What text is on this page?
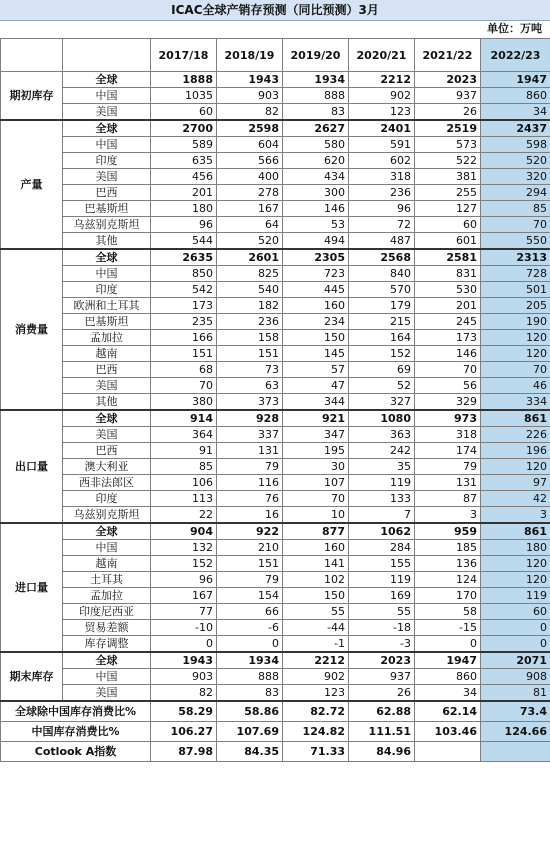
ICAC全球产销存预测（同比预测）3月
单位：万吨
		2017/18	2018/19	2019/20	2020/21	2021/22	2022/23
期初库存	全球	1888	1943	1934	2212	2023	1947
	中国	1035	903	888	902	937	860
	美国	60	82	83	123	26	34
产量	全球	2700	2598	2627	2401	2519	2437
	中国	589	604	580	591	573	598
	印度	635	566	620	602	522	520
	美国	456	400	434	318	381	320
	巴西	201	278	300	236	255	294
	巴基斯坦	180	167	146	96	127	85
	乌兹别克斯坦	96	64	53	72	60	70
	其他	544	520	494	487	601	550
消费量	全球	2635	2601	2305	2568	2581	2313
	中国	850	825	723	840	831	728
	印度	542	540	445	570	530	501
	欧洲和土耳其	173	182	160	179	201	205
	巴基斯坦	235	236	234	215	245	190
	孟加拉	166	158	150	164	173	120
	越南	151	151	145	152	146	120
	巴西	68	73	57	69	70	70
	美国	70	63	47	52	56	46
	其他	380	373	344	327	329	334
出口量	全球	914	928	921	1080	973	861
	美国	364	337	347	363	318	226
	巴西	91	131	195	242	174	196
	澳大利亚	85	79	30	35	79	120
	西非法郎区	106	116	107	119	131	97
	印度	113	76	70	133	87	42
	乌兹别克斯坦	22	16	10	7	3	3
进口量	全球	904	922	877	1062	959	861
	中国	132	210	160	284	185	180
	越南	152	151	141	155	136	120
	土耳其	96	79	102	119	124	120
	孟加拉	167	154	150	169	170	119
	印度尼西亚	77	66	55	55	58	60
	贸易差额	-10	-6	-44	-18	-15	0
	库存调整	0	0	-1	-3	0	0
期末库存	全球	1943	1934	2212	2023	1947	2071
	中国	903	888	902	937	860	908
	美国	82	83	123	26	34	81
全球除中国库存消费比%		58.29	58.86	82.72	62.88	62.14	73.4
中国库存消费比%		106.27	107.69	124.82	111.51	103.46	124.66
Cotlook A指数		87.98	84.35	71.33	84.96		
